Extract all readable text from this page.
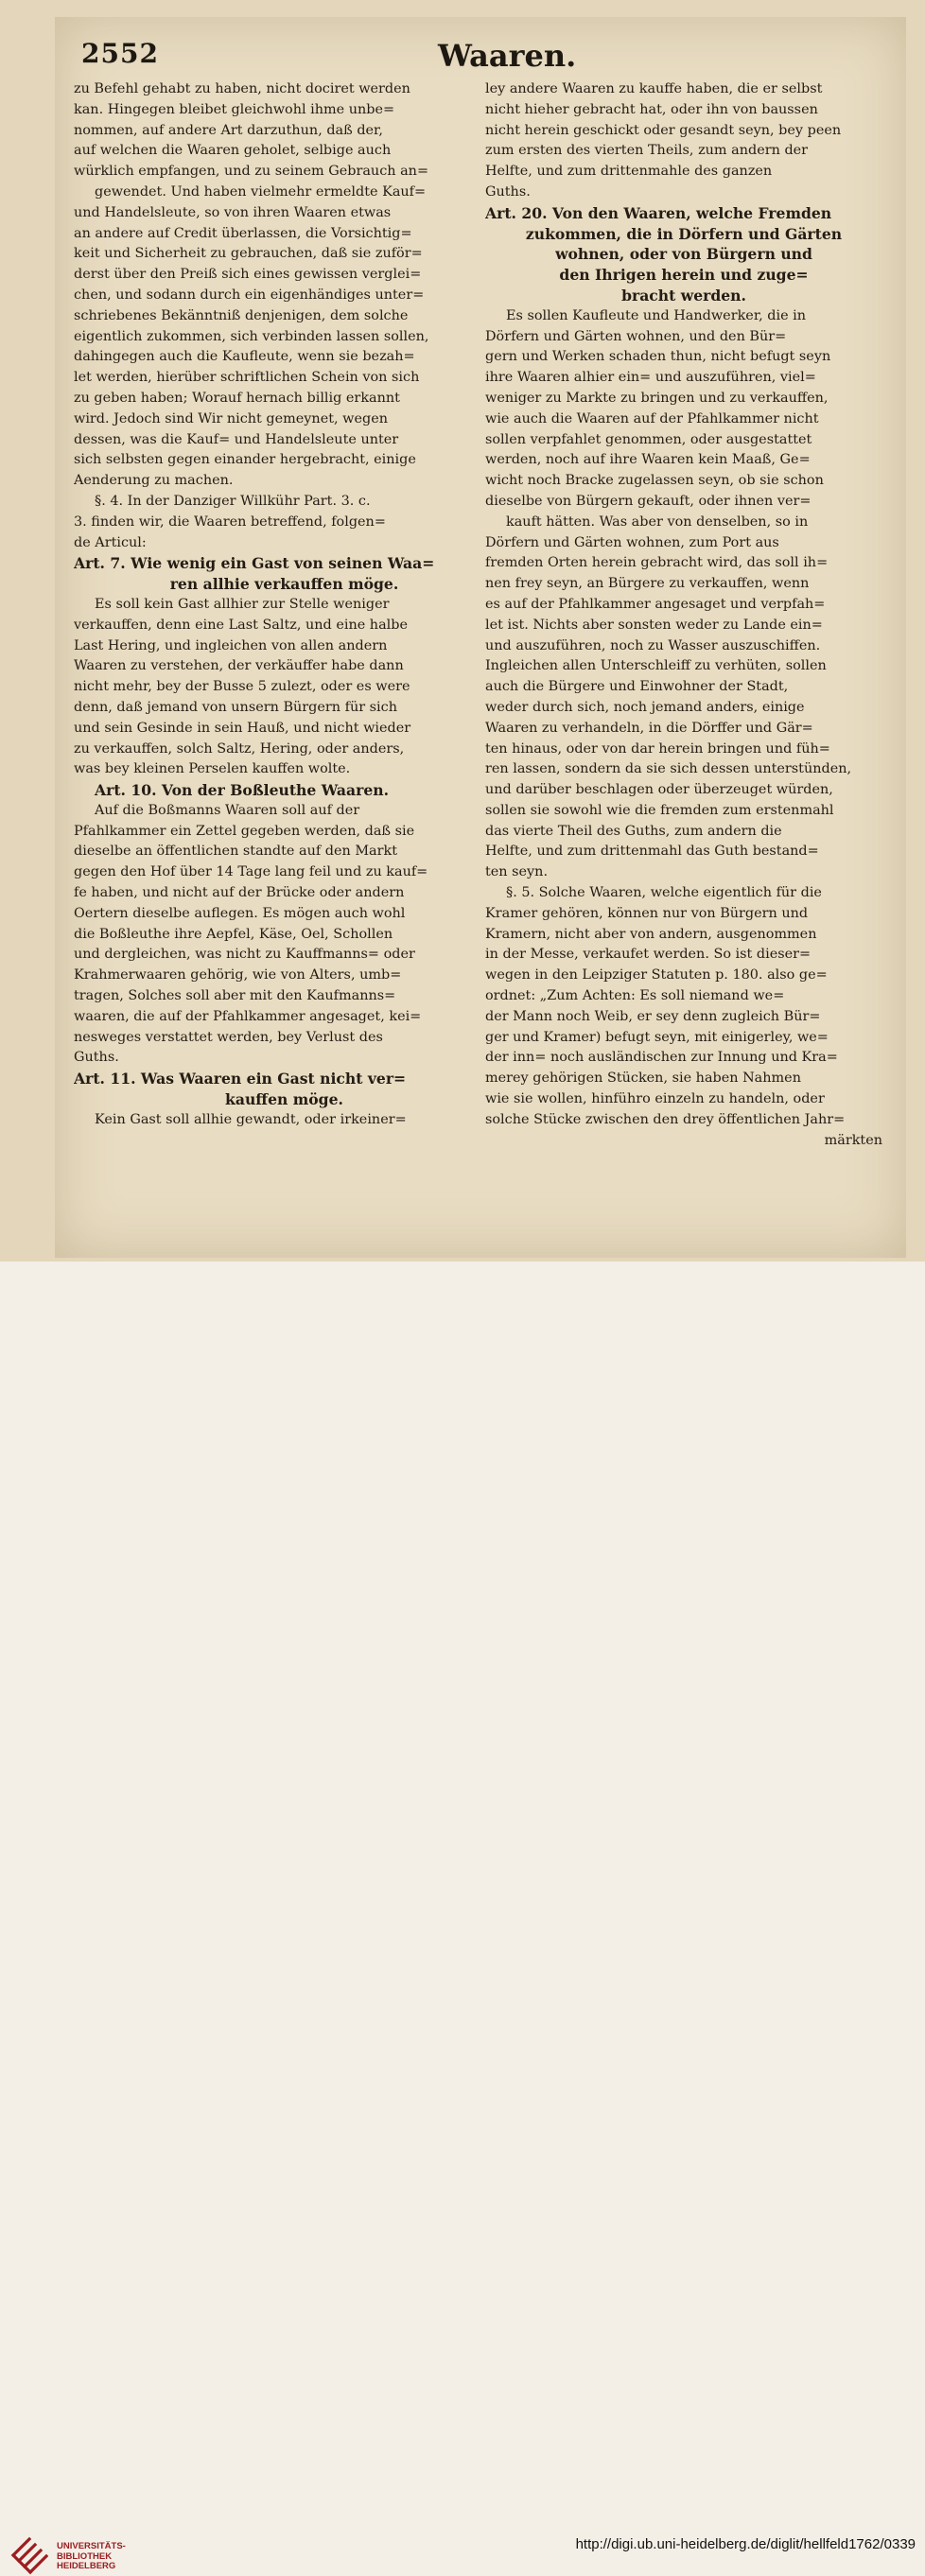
2552	Waaren.
zu Befehl gehabt zu haben, nicht dociret werden
kan. Hingegen bleibet gleichwohl ihme unbe=
nommen, auf andere Art darzuthun, daß der,
auf welchen die Waaren geholet, selbige auch
würklich empfangen, und zu seinem Gebrauch an=
gewendet. Und haben vielmehr ermeldte Kauf=
und Handelsleute, so von ihren Waaren etwas
an andere auf Credit überlassen, die Vorsichtig=
keit und Sicherheit zu gebrauchen, daß sie zuför=
derst über den Preiß sich eines gewissen verglei=
chen, und sodann durch ein eigenhändiges unter=
schriebenes Bekänntniß denjenigen, dem solche
eigentlich zukommen, sich verbinden lassen sollen,
dahingegen auch die Kaufleute, wenn sie bezah=
let werden, hierüber schriftlichen Schein von sich
zu geben haben; Worauf hernach billig erkannt
wird. Jedoch sind Wir nicht gemeynet, wegen
dessen, was die Kauf= und Handelsleute unter
sich selbsten gegen einander hergebracht, einige
Aenderung zu machen.
§. 4. In der Danziger Willkühr Part. 3. c.
3. finden wir, die Waaren betreffend, folgen=
de Articul:
Art. 7. Wie wenig ein Gast von seinen Waa=
ren allhie verkauffen möge.
Es soll kein Gast allhier zur Stelle weniger
verkauffen, denn eine Last Saltz, und eine halbe
Last Hering, und ingleichen von allen andern
Waaren zu verstehen, der verkäuffer habe dann
nicht mehr, bey der Busse 5 zulezt, oder es were
denn, daß jemand von unsern Bürgern für sich
und sein Gesinde in sein Hauß, und nicht wieder
zu verkauffen, solch Saltz, Hering, oder anders,
was bey kleinen Perselen kauffen wolte.
Art. 10. Von der Boßleuthe Waaren.
Auf die Boßmanns Waaren soll auf der
Pfahlkammer ein Zettel gegeben werden, daß sie
dieselbe an öffentlichen standte auf den Markt
gegen den Hof über 14 Tage lang feil und zu kauf=
fe haben, und nicht auf der Brücke oder andern
Oertern dieselbe auflegen. Es mögen auch wohl
die Boßleuthe ihre Aepfel, Käse, Oel, Schollen
und dergleichen, was nicht zu Kauffmanns= oder
Krahmerwaaren gehörig, wie von Alters, umb=
tragen, Solches soll aber mit den Kaufmanns=
waaren, die auf der Pfahlkammer angesaget, kei=
nesweges verstattet werden, bey Verlust des
Guths.
Art. 11. Was Waaren ein Gast nicht ver=
kauffen möge.
Kein Gast soll allhie gewandt, oder irkeiner=
ley andere Waaren zu kauffe haben, die er selbst
nicht hieher gebracht hat, oder ihn von baussen
nicht herein geschickt oder gesandt seyn, bey peen
zum ersten des vierten Theils, zum andern der
Helfte, und zum drittenmahle des ganzen
Guths.
Art. 20. Von den Waaren, welche Fremden
zukommen, die in Dörfern und Gärten
wohnen, oder von Bürgern und
den Ihrigen herein und zuge=
bracht werden.
Es sollen Kaufleute und Handwerker, die in
Dörfern und Gärten wohnen, und den Bür=
gern und Werken schaden thun, nicht befugt seyn
ihre Waaren alhier ein= und auszuführen, viel=
weniger zu Markte zu bringen und zu verkauffen,
wie auch die Waaren auf der Pfahlkammer nicht
sollen verpfahlet genommen, oder ausgestattet
werden, noch auf ihre Waaren kein Maaß, Ge=
wicht noch Bracke zugelassen seyn, ob sie schon
dieselbe von Bürgern gekauft, oder ihnen ver=
kauft hätten. Was aber von denselben, so in
Dörfern und Gärten wohnen, zum Port aus
fremden Orten herein gebracht wird, das soll ih=
nen frey seyn, an Bürgere zu verkauffen, wenn
es auf der Pfahlkammer angesaget und verpfah=
let ist. Nichts aber sonsten weder zu Lande ein=
und auszuführen, noch zu Wasser auszuschiffen.
Ingleichen allen Unterschleiff zu verhüten, sollen
auch die Bürgere und Einwohner der Stadt,
weder durch sich, noch jemand anders, einige
Waaren zu verhandeln, in die Dörffer und Gär=
ten hinaus, oder von dar herein bringen und füh=
ren lassen, sondern da sie sich dessen unterstünden,
und darüber beschlagen oder überzeuget würden,
sollen sie sowohl wie die fremden zum erstenmahl
das vierte Theil des Guths, zum andern die
Helfte, und zum drittenmahl das Guth bestand=
ten seyn.
§. 5. Solche Waaren, welche eigentlich für die
Kramer gehören, können nur von Bürgern und
Kramern, nicht aber von andern, ausgenommen
in der Messe, verkaufet werden. So ist dieser=
wegen in den Leipziger Statuten p. 180. also ge=
ordnet: „Zum Achten: Es soll niemand we=
der Mann noch Weib, er sey denn zugleich Bür=
ger und Kramer) befugt seyn, mit einigerley, we=
der inn= noch ausländischen zur Innung und Kra=
merey gehörigen Stücken, sie haben Nahmen
wie sie wollen, hinführo einzeln zu handeln, oder
solche Stücke zwischen den drey öffentlichen Jahr=
märkten
UNIVERSITÄTS-
BIBLIOTHEK
HEIDELBERG
http://digi.ub.uni-heidelberg.de/diglit/hellfeld1762/0339
